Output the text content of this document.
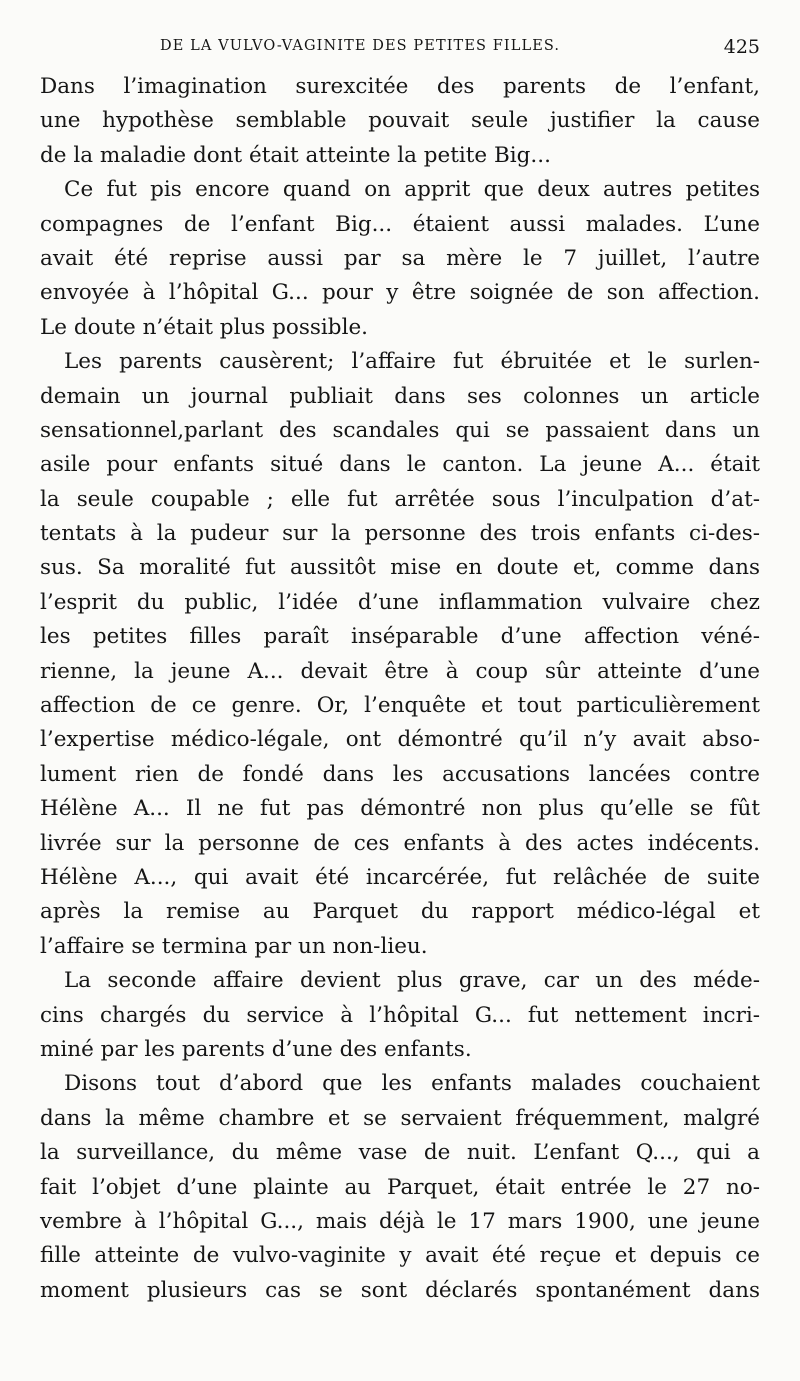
DE LA VULVO-VAGINITE DES PETITES FILLES.	425
Dans l’imagination surexcitée des parents de l’enfant,
une hypothèse semblable pouvait seule justifier la cause
de la maladie dont était atteinte la petite Big...
Ce fut pis encore quand on apprit que deux autres petites
compagnes de l’enfant Big... étaient aussi malades. L’une
avait été reprise aussi par sa mère le 7 juillet, l’autre
envoyée à l’hôpital G... pour y être soignée de son affection.
Le doute n’était plus possible.
Les parents causèrent; l’affaire fut ébruitée et le surlen-
demain un journal publiait dans ses colonnes un article
sensationnel,parlant des scandales qui se passaient dans un
asile pour enfants situé dans le canton. La jeune A... était
la seule coupable ; elle fut arrêtée sous l’inculpation d’at-
tentats à la pudeur sur la personne des trois enfants ci-des-
sus. Sa moralité fut aussitôt mise en doute et, comme dans
l’esprit du public, l’idée d’une inflammation vulvaire chez
les petites filles paraît inséparable d’une affection véné-
rienne, la jeune A... devait être à coup sûr atteinte d’une
affection de ce genre. Or, l’enquête et tout particulièrement
l’expertise médico-légale, ont démontré qu’il n’y avait abso-
lument rien de fondé dans les accusations lancées contre
Hélène A... Il ne fut pas démontré non plus qu’elle se fût
livrée sur la personne de ces enfants à des actes indécents.
Hélène A..., qui avait été incarcérée, fut relâchée de suite
après la remise au Parquet du rapport médico-légal et
l’affaire se termina par un non-lieu.
La seconde affaire devient plus grave, car un des méde-
cins chargés du service à l’hôpital G... fut nettement incri-
miné par les parents d’une des enfants.
Disons tout d’abord que les enfants malades couchaient
dans la même chambre et se servaient fréquemment, malgré
la surveillance, du même vase de nuit. L’enfant Q..., qui a
fait l’objet d’une plainte au Parquet, était entrée le 27 no-
vembre à l’hôpital G..., mais déjà le 17 mars 1900, une jeune
fille atteinte de vulvo-vaginite y avait été reçue et depuis ce
moment plusieurs cas se sont déclarés spontanément dans
